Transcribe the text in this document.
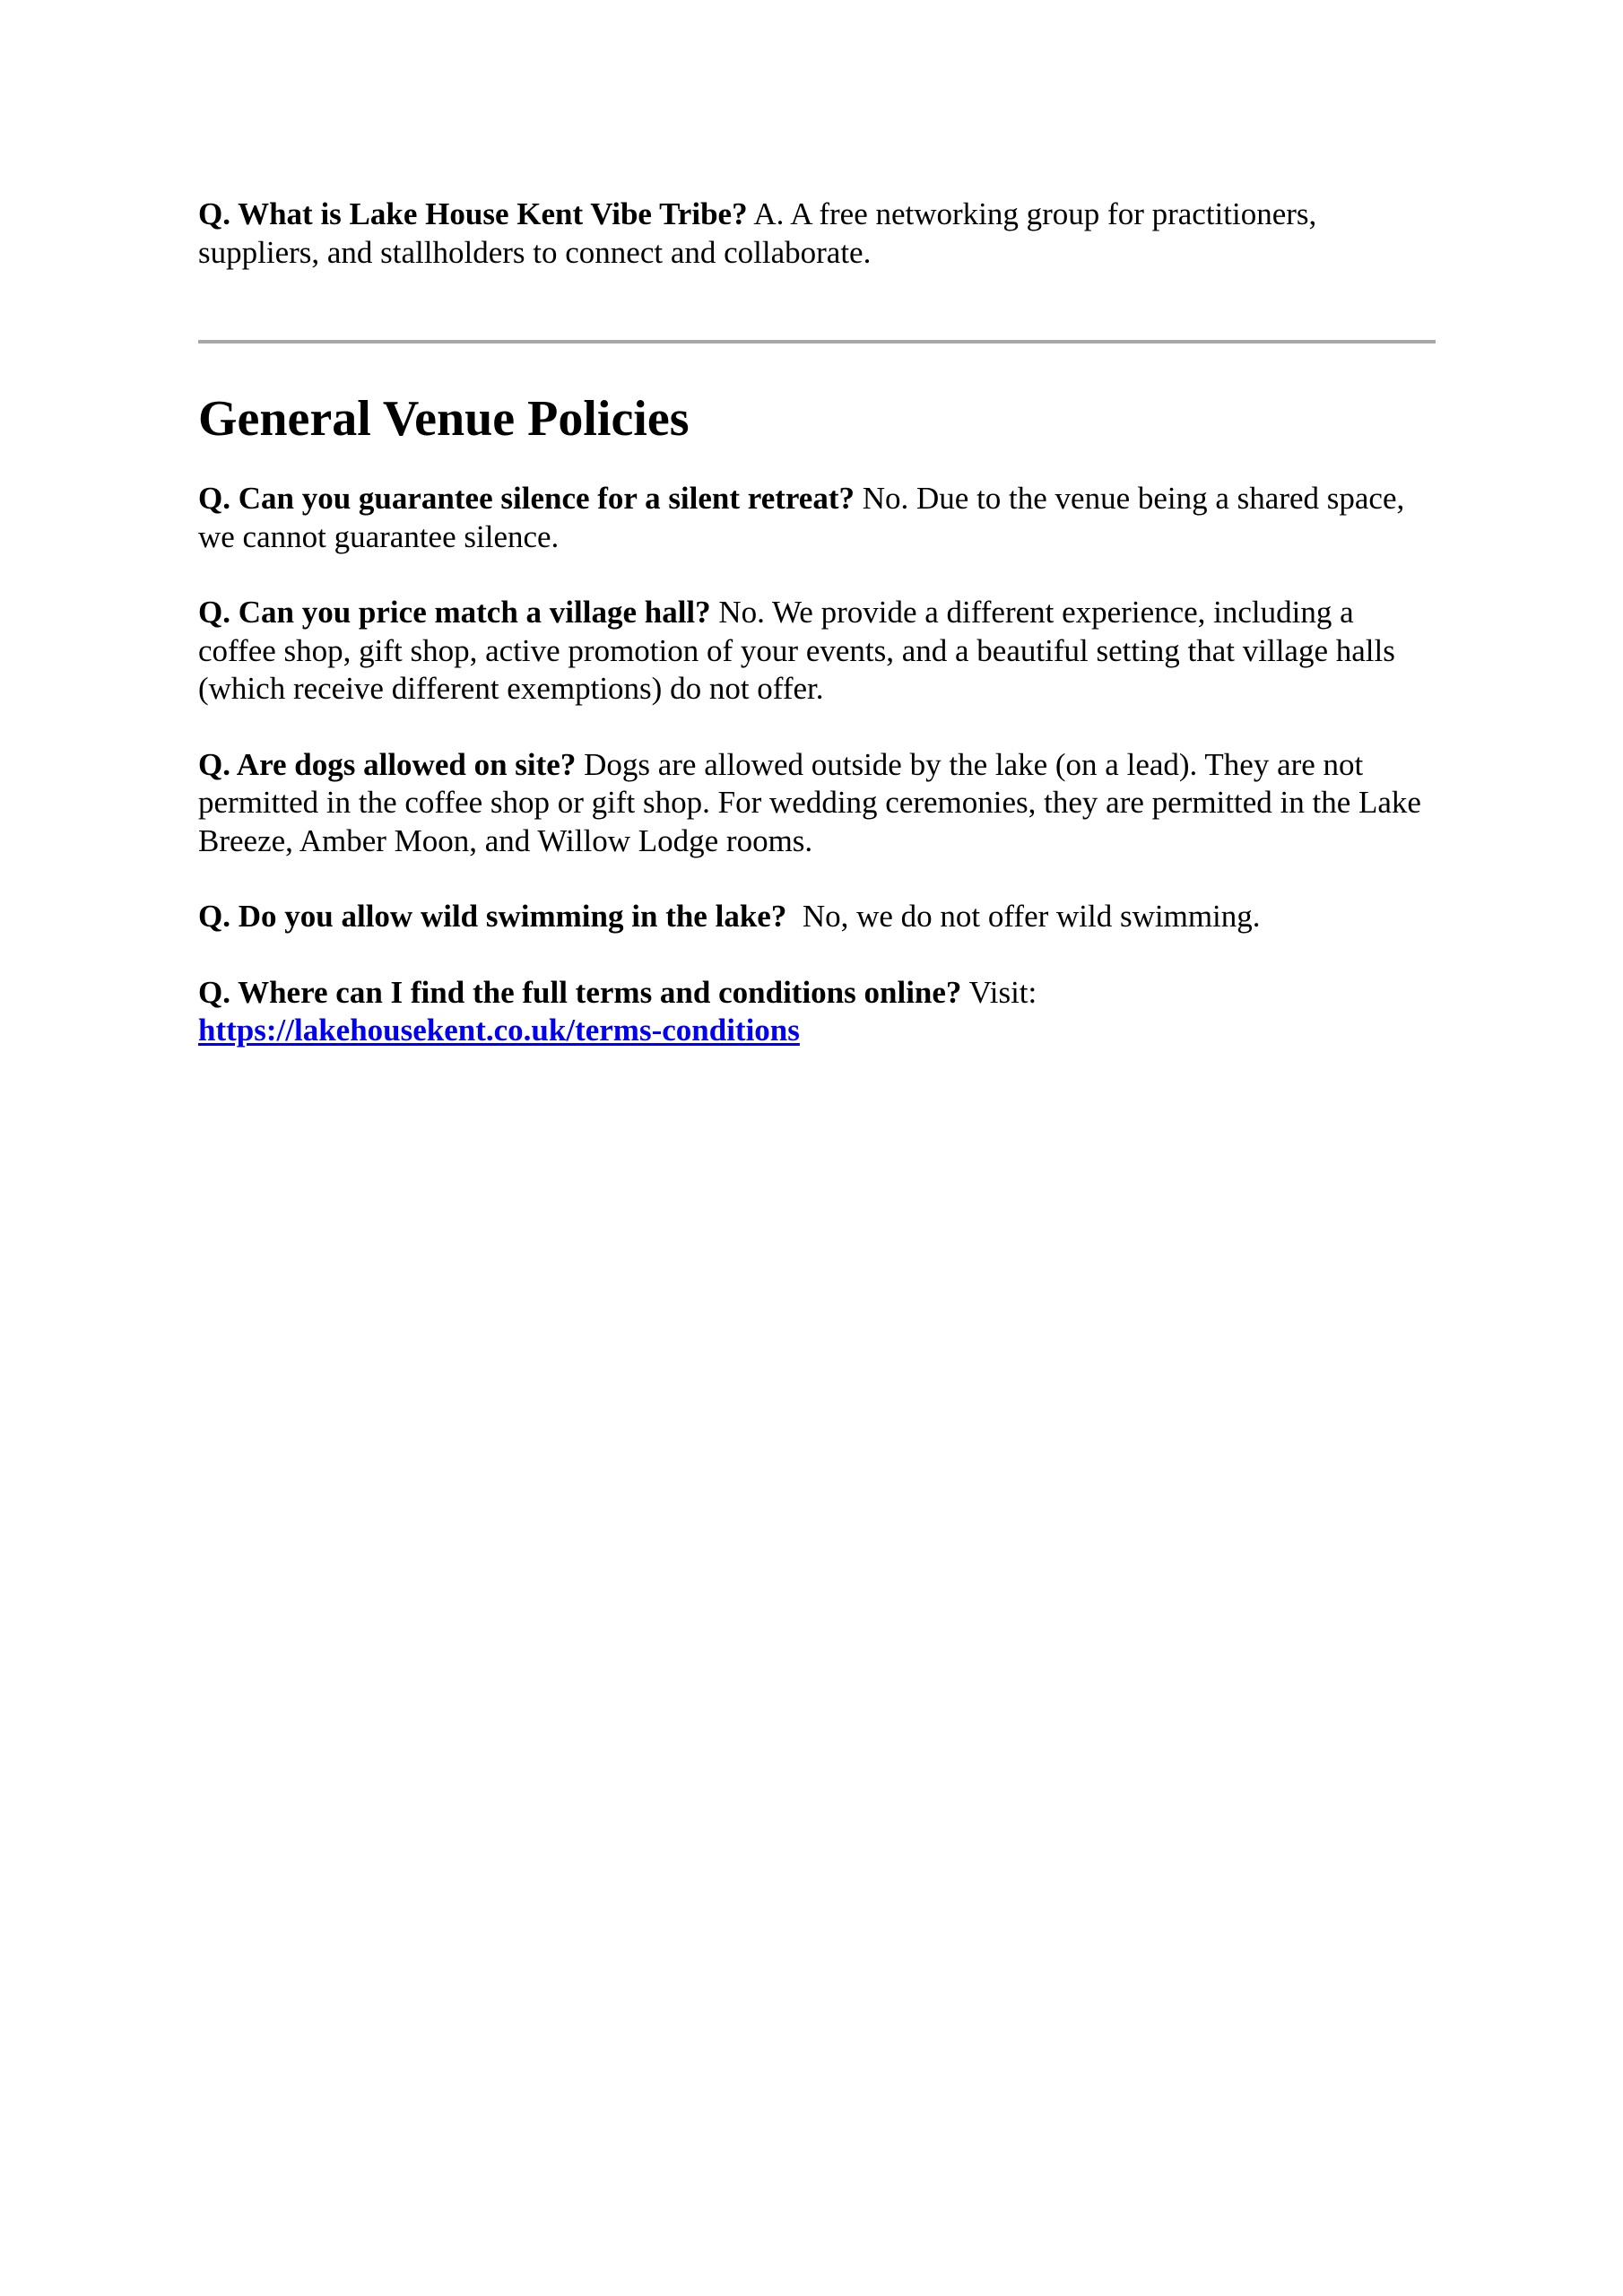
Q. What is Lake House Kent Vibe Tribe? A. A free networking group for practitioners, suppliers, and stallholders to connect and collaborate.

General Venue Policies

Q. Can you guarantee silence for a silent retreat? No. Due to the venue being a shared space, we cannot guarantee silence.

Q. Can you price match a village hall? No. We provide a different experience, including a coffee shop, gift shop, active promotion of your events, and a beautiful setting that village halls (which receive different exemptions) do not offer.

Q. Are dogs allowed on site? Dogs are allowed outside by the lake (on a lead). They are not permitted in the coffee shop or gift shop. For wedding ceremonies, they are permitted in the Lake Breeze, Amber Moon, and Willow Lodge rooms.

Q. Do you allow wild swimming in the lake? No, we do not offer wild swimming.

Q. Where can I find the full terms and conditions online? Visit:
https://lakehousekent.co.uk/terms-conditions
